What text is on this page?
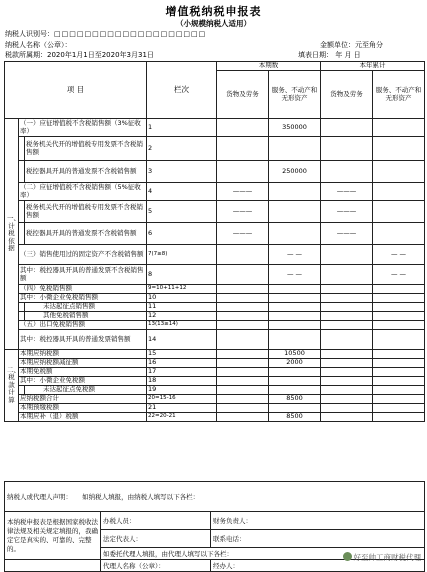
增值税纳税申报表
（小规模纳税人适用）
纳税人识别号：□□□□□□□□□□□□□□□□□□□□
纳税人名称（公章）：	金额单位：元至角分
税款所属期：2020年1月1日至2020年3月31日	填表日期： 年 月 日
项 目			栏次	本期数		本年累计	
				货物及劳务	服务、不动产和无形资产	货物及劳务	服务、不动产和无形资产
一、计税依据	（一）应征增值税不含税销售额（3%征收率）		1		350000		
		税务机关代开的增值税专用发票不含税销售额	2				
		税控器具开具的普通发票不含税销售额	3		250000		
	（二）应征增值税不含税销售额（5%征收率）		4	———		———	
		税务机关代开的增值税专用发票不含税销售额	5	———		———	
		税控器具开具的普通发票不含税销售额	6	———		———	
	（三）销售使用过的固定资产不含税销售额		7(7≥8)		— —		— —
	其中：税控器具开具的普通发票不含税销售额		8		— —		— —
	（四）免税销售额		9=10+11+12				
	其中：小微企业免税销售额		10				
		未达起征点销售额	11				
		其他免税销售额	12				
	（五）出口免税销售额		13(13≥14)				
	其中：税控器具开具的普通发票销售额		14				
二、税款计算	本期应纳税额		15		10500		
	本期应纳税额减征额		16		2000		
	本期免税额		17				
	其中：小微企业免税额		18				
		未达起征点免税额	19				
	应纳税额合计		20=15-16		8500		
	本期预缴税额		21				
	本期应补（退）税额		22=20-21		8500		
纳税人或代理人声明： 如纳税人填报，由纳税人填写以下各栏：		
本纳税申报表是根据国家税收法律法规及相关规定填报的，我确定它是真实的、可靠的、完整的。	办税人员：	财务负责人：
	法定代表人：	联系电话：
	如委托代理人填报，由代理人填写以下各栏：	
	代理人名称（公章）：	经办人：
好至帅工商财税代理
